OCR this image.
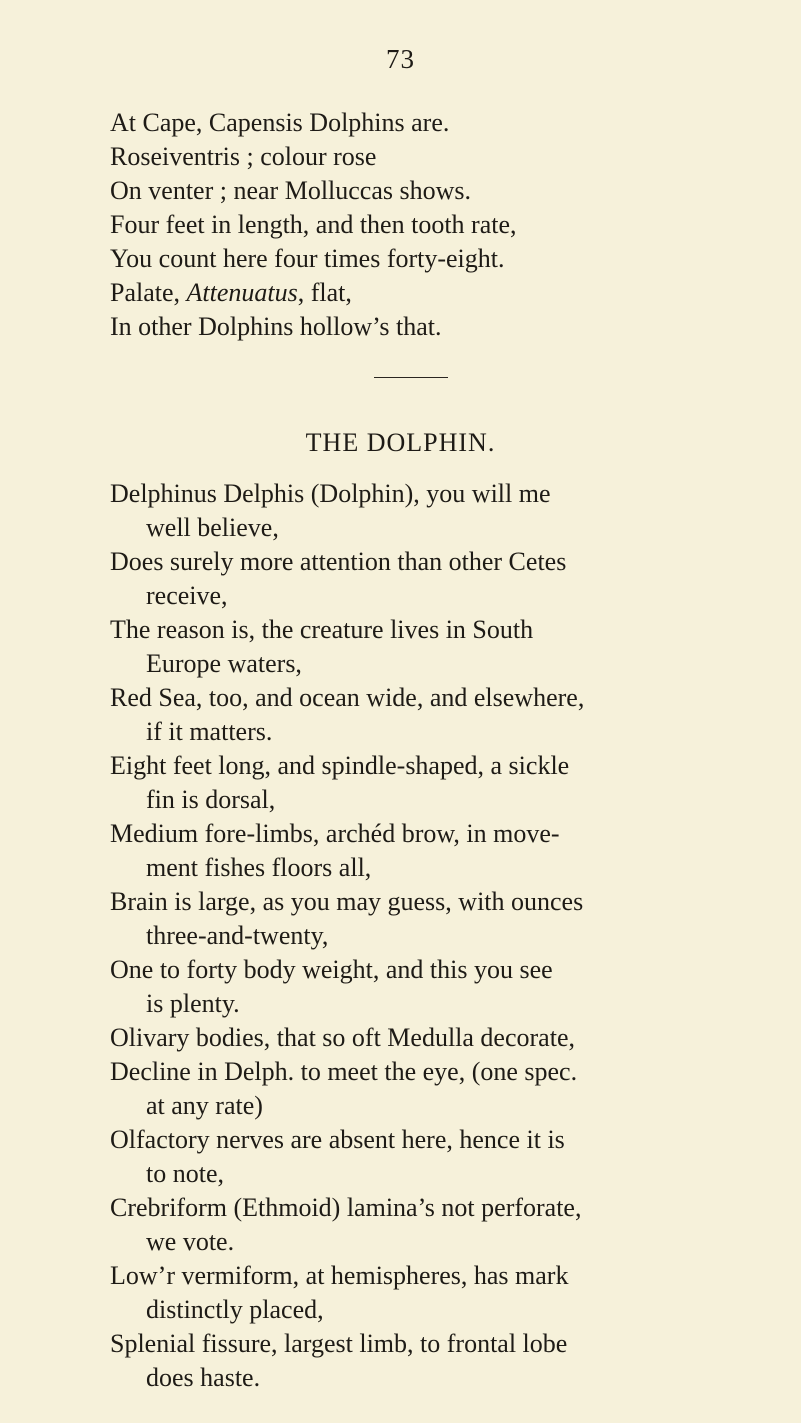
73
At Cape, Capensis Dolphins are.
Roseiventris ; colour rose
On venter ; near Molluccas shows.
Four feet in length, and then tooth rate,
You count here four times forty-eight.
Palate, Attenuatus, flat,
In other Dolphins hollow’s that.
THE DOLPHIN.
Delphinus Delphis (Dolphin), you will me
well believe,
Does surely more attention than other Cetes
receive,
The reason is, the creature lives in South
Europe waters,
Red Sea, too, and ocean wide, and elsewhere,
if it matters.
Eight feet long, and spindle-shaped, a sickle
fin is dorsal,
Medium fore-limbs, archéd brow, in move-
ment fishes floors all,
Brain is large, as you may guess, with ounces
three-and-twenty,
One to forty body weight, and this you see
is plenty.
Olivary bodies, that so oft Medulla decorate,
Decline in Delph. to meet the eye, (one spec.
at any rate)
Olfactory nerves are absent here, hence it is
to note,
Crebriform (Ethmoid) lamina’s not perforate,
we vote.
Low’r vermiform, at hemispheres, has mark
distinctly placed,
Splenial fissure, largest limb, to frontal lobe
does haste.
